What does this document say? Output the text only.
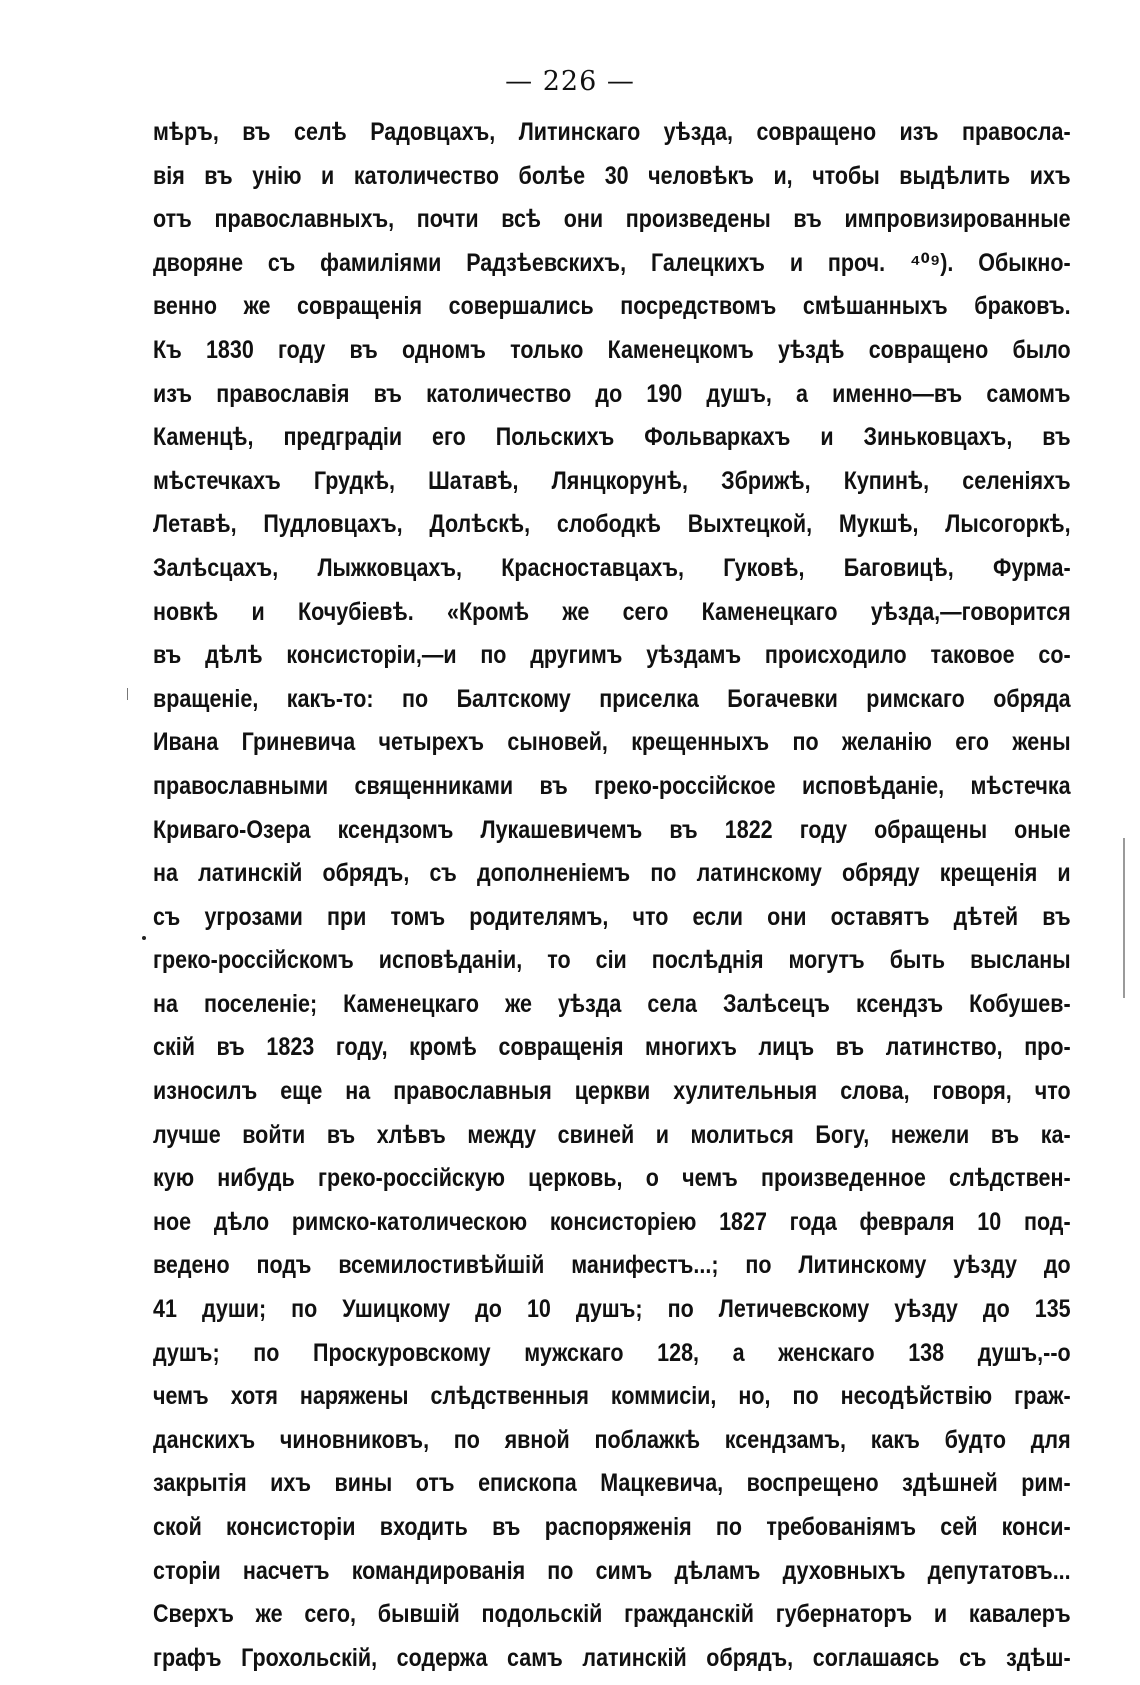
— 226 —
мѣръ, въ селѣ Радовцахъ, Литинскаго уѣзда, совращено изъ правосла-
вія въ унію и католичество болѣе 30 человѣкъ и, чтобы выдѣлить ихъ
отъ православныхъ, почти всѣ они произведены въ импровизированные
дворяне съ фамиліями Радзѣевскихъ, Галецкихъ и проч. ⁴⁰⁹). Обыкно-
венно же совращенія совершались посредствомъ смѣшанныхъ браковъ.
Къ 1830 году въ одномъ только Каменецкомъ уѣздѣ совращено было
изъ православія въ католичество до 190 душъ, а именно—въ самомъ
Каменцѣ, предградіи его Польскихъ Фольваркахъ и Зиньковцахъ, въ
мѣстечкахъ Грудкѣ, Шатавѣ, Лянцкорунѣ, Збрижѣ, Купинѣ, селеніяхъ
Летавѣ, Пудловцахъ, Долѣскѣ, слободкѣ Выхтецкой, Мукшѣ, Лысогоркѣ,
Залѣсцахъ, Лыжковцахъ, Красноставцахъ, Гуковѣ, Баговицѣ, Фурма-
новкѣ и Кочубіевѣ. «Кромѣ же сего Каменецкаго уѣзда,—говорится
въ дѣлѣ консисторіи,—и по другимъ уѣздамъ происходило таковое со-
вращеніе, какъ-то: по Балтскому приселка Богачевки римскаго обряда
Ивана Гриневича четырехъ сыновей, крещенныхъ по желанію его жены
православными священниками въ греко-россійское исповѣданіе, мѣстечка
Криваго-Озера ксендзомъ Лукашевичемъ въ 1822 году обращены оные
на латинскій обрядъ, съ дополненіемъ по латинскому обряду крещенія и
съ угрозами при томъ родителямъ, что если они оставятъ дѣтей въ
греко-россійскомъ исповѣданіи, то сіи послѣднія могутъ быть высланы
на поселеніе; Каменецкаго же уѣзда села Залѣсецъ ксендзъ Кобушев-
скій въ 1823 году, кромѣ совращенія многихъ лицъ въ латинство, про-
износилъ еще на православныя церкви хулительныя слова, говоря, что
лучше войти въ хлѣвъ между свиней и молиться Богу, нежели въ ка-
кую нибудь греко-россійскую церковь, о чемъ произведенное слѣдствен-
ное дѣло римско-католическою консисторіею 1827 года февраля 10 под-
ведено подъ всемилостивѣйшій манифестъ...; по Литинскому уѣзду до
41 души; по Ушицкому до 10 душъ; по Летичевскому уѣзду до 135
душъ; по Проскуровскому мужскаго 128, а женскаго 138 душъ,--о
чемъ хотя наряжены слѣдственныя коммисіи, но, по несодѣйствію граж-
данскихъ чиновниковъ, по явной поблажкѣ ксендзамъ, какъ будто для
закрытія ихъ вины отъ епископа Мацкевича, воспрещено здѣшней рим-
ской консисторіи входить въ распоряженія по требованіямъ сей конси-
сторіи насчетъ командированія по симъ дѣламъ духовныхъ депутатовъ...
Сверхъ же сего, бывшій подольскій гражданскій губернаторъ и кавалеръ
графъ Грохольскій, содержа самъ латинскій обрядъ, соглашаясь съ здѣш-
